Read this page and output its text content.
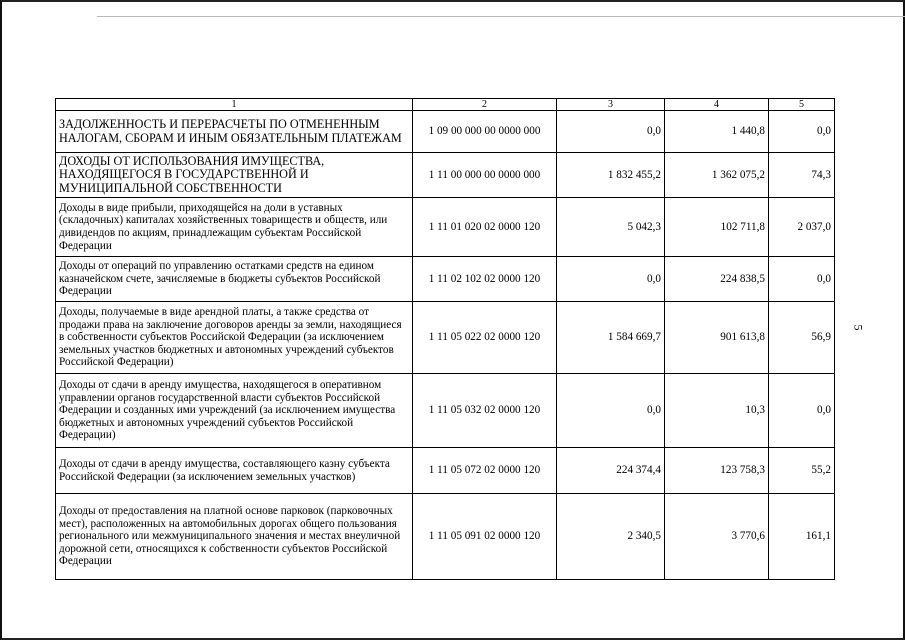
1	2	3	4	5
ЗАДОЛЖЕННОСТЬ И ПЕРЕРАСЧЕТЫ ПО ОТМЕНЕННЫМ НАЛОГАМ, СБОРАМ И ИНЫМ ОБЯЗАТЕЛЬНЫМ ПЛАТЕЖАМ	1 09 00 000 00 0000 000	0,0	1 440,8	0,0
ДОХОДЫ ОТ ИСПОЛЬЗОВАНИЯ ИМУЩЕСТВА, НАХОДЯЩЕГОСЯ В ГОСУДАРСТВЕННОЙ И МУНИЦИПАЛЬНОЙ СОБСТВЕННОСТИ	1 11 00 000 00 0000 000	1 832 455,2	1 362 075,2	74,3
Доходы в виде прибыли, приходящейся на доли в уставных (складочных) капиталах хозяйственных товариществ и обществ, или дивидендов по акциям, принадлежащим субъектам Российской Федерации	1 11 01 020 02 0000 120	5 042,3	102 711,8	2 037,0
Доходы от операций по управлению остатками средств на едином казначейском счете, зачисляемые в бюджеты субъектов Российской Федерации	1 11 02 102 02 0000 120	0,0	224 838,5	0,0
Доходы, получаемые в виде арендной платы, а также средства от продажи права на заключение договоров аренды за земли, находящиеся в собственности субъектов Российской Федерации (за исключением земельных участков бюджетных и автономных учреждений субъектов Российской Федерации)	1 11 05 022 02 0000 120	1 584 669,7	901 613,8	56,9
Доходы от сдачи в аренду имущества, находящегося в оперативном управлении органов государственной власти субъектов Российской Федерации и созданных ими учреждений (за исключением имущества бюджетных и автономных учреждений субъектов Российской Федерации)	1 11 05 032 02 0000 120	0,0	10,3	0,0
Доходы от сдачи в аренду имущества, составляющего казну субъекта Российской Федерации (за исключением земельных участков)	1 11 05 072 02 0000 120	224 374,4	123 758,3	55,2
Доходы от предоставления на платной основе парковок (парковочных мест), расположенных на автомобильных дорогах общего пользования регионального или межмуниципального значения и местах внеуличной дорожной сети, относящихся к собственности субъектов Российской Федерации	1 11 05 091 02 0000 120	2 340,5	3 770,6	161,1
5
